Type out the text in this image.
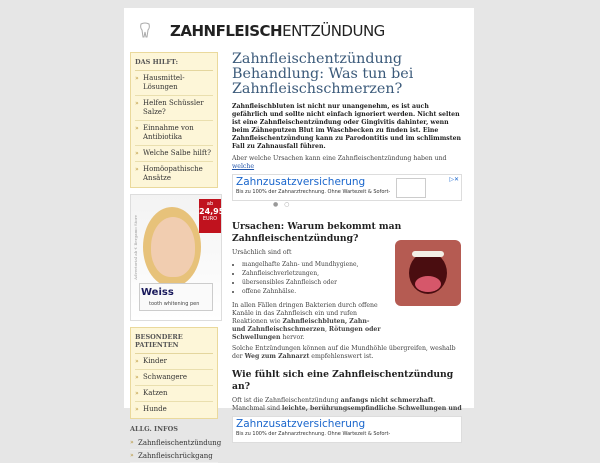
ZAHNFLEISCHENTZÜNDUNG
DAS HILFT:
» Hausmittel-Lösungen
» Helfen Schüssler Salze?
» Einnahme von Antibiotika
» Welche Salbe hilft?
» Homöopathische Ansätze
Advertorial ab € Bergamo Store
ab
24,95
EURO
Weiss
tooth whitening pen
BESONDERE PATIENTEN
» Kinder
» Schwangere
» Katzen
» Hunde
ALLG. INFOS
» Zahnfleischentzündung
» Zahnfleischrückgang
Zahnfleischentzündung Behandlung: Was tun bei Zahnfleischschmerzen?
Zahnfleischbluten ist nicht nur unangenehm, es ist auch gefährlich und sollte nicht einfach ignoriert werden. Nicht selten ist eine Zahnfleischentzündung oder Gingivitis dahinter, wenn beim Zähneputzen Blut im Waschbecken zu finden ist. Eine Zahnfleischentzündung kann zu Parodontitis und im schlimmsten Fall zu Zahnausfall führen.

Aber welche Ursachen kann eine Zahnfleischentzündung haben und welche

Zahnzusatzversicherung
Bis zu 100% der Zahnarztrechnung. Ohne Wartezeit & Sofort-
▷✕
● ○
Ursachen: Warum bekommt man Zahnfleischentzündung?

Ursächlich sind oft

• mangelhafte Zahn- und Mundhygiene,
• Zahnfleischverletzungen,
• übersensibles Zahnfleisch oder
• offene Zahnhälse.

In allen Fällen dringen Bakterien durch offene Kanäle in das Zahnfleisch ein und rufen Reaktionen wie Zahnfleischbluten, Zahn- und Zahnfleischschmerzen, Rötungen oder Schwellungen hervor.

Solche Entzündungen können auf die Mundhöhle übergreifen, weshalb der Weg zum Zahnarzt empfehlenswert ist.

Wie fühlt sich eine Zahnfleischentzündung an?

Oft ist die Zahnfleischentzündung anfangs nicht schmerzhaft. Manchmal sind leichte, berührungsempfindliche Schwellungen und

Zahnzusatzversicherung
Bis zu 100% der Zahnarztrechnung. Ohne Wartezeit & Sofort-
